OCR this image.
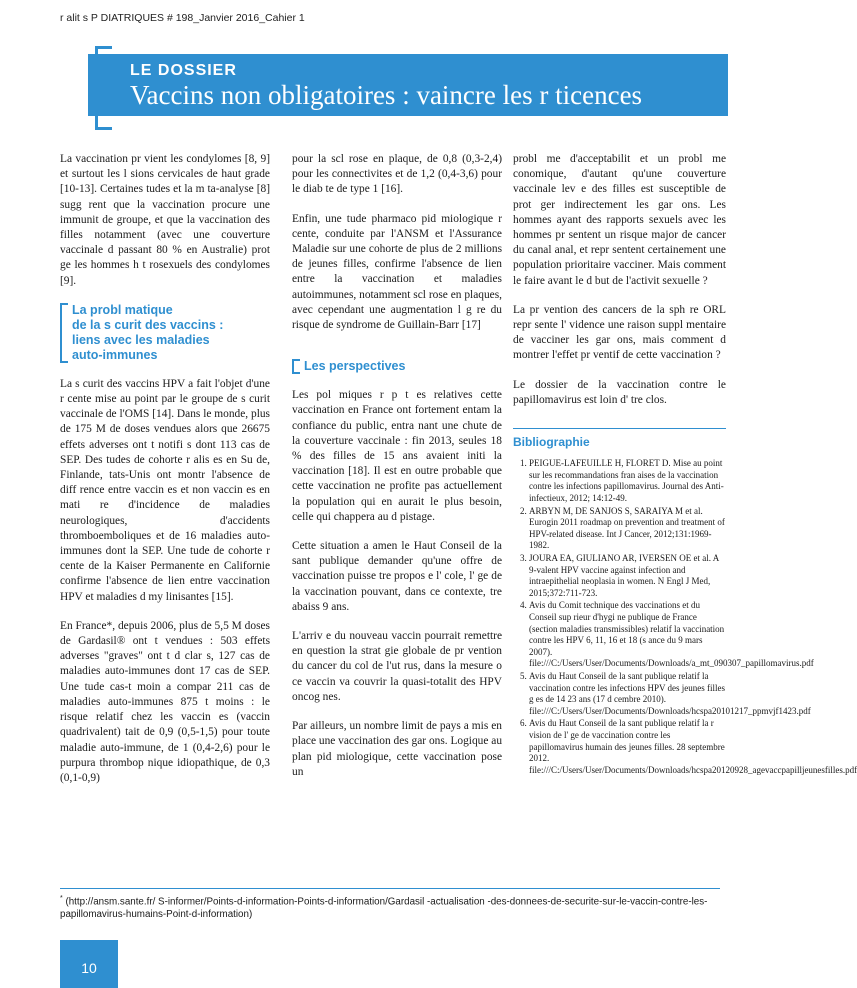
r alit s P DIATRIQUES # 198_Janvier 2016_Cahier 1
LE DOSSIER
Vaccins non obligatoires : vaincre les r ticences

La vaccination pr vient les condylomes [8, 9] et surtout les l sions cervicales de haut grade [10-13]. Certaines tudes et la m ta-analyse [8] sugg rent que la vaccination procure une immunit de groupe, et que la vaccination des filles notamment (avec une couverture vaccinale d passant 80 % en Australie) prot ge les hommes h t rosexuels des condylomes [9].

La probl matique
de la s curit des vaccins :
liens avec les maladies
auto-immunes

La s curit des vaccins HPV a fait l'objet d'une r cente mise au point par le groupe de s curit vaccinale de l'OMS [14]. Dans le monde, plus de 175 M de doses vendues alors que 26675 effets adverses ont t notifi s dont 113 cas de SEP. Des tudes de cohorte r alis es en Su de, Finlande, tats-Unis ont montr l'absence de diff rence entre vaccin es et non vaccin es en mati re d'incidence de maladies neurologiques, d'accidents thromboemboliques et de 16 maladies auto-immunes dont la SEP. Une tude de cohorte r cente de la Kaiser Permanente en Californie confirme l'absence de lien entre vaccination HPV et maladies d my linisantes [15].

En France*, depuis 2006, plus de 5,5 M doses de Gardasil® ont t vendues : 503 effets adverses "graves" ont t d clar s, 127 cas de maladies auto-immunes dont 17 cas de SEP. Une tude cas-t moin a compar 211 cas de maladies auto-immunes 875 t moins : le risque relatif chez les vaccin es (vaccin quadrivalent) tait de 0,9 (0,5-1,5) pour toute maladie auto-immune, de 1 (0,4-2,6) pour le purpura thrombop nique idiopathique, de 0,3 (0,1-0,9)

pour la scl rose en plaque, de 0,8 (0,3-2,4) pour les connectivites et de 1,2 (0,4-3,6) pour le diab te de type 1 [16].

Enfin, une tude pharmaco pid miologique r cente, conduite par l'ANSM et l'Assurance Maladie sur une cohorte de plus de 2 millions de jeunes filles, confirme l'absence de lien entre la vaccination et maladies autoimmunes, notamment scl rose en plaques, avec cependant une augmentation l g re du risque de syndrome de Guillain-Barr [17]

Les perspectives

Les pol miques r p t es relatives cette vaccination en France ont fortement entam la confiance du public, entra nant une chute de la couverture vaccinale : fin 2013, seules 18 % des filles de 15 ans avaient initi la vaccination [18]. Il est en outre probable que cette vaccination ne profite pas actuellement la population qui en aurait le plus besoin, celle qui chappera au d pistage.

Cette situation a amen le Haut Conseil de la sant publique demander qu'une offre de vaccination puisse tre propos e l' cole, l' ge de la vaccination pouvant, dans ce contexte, tre abaiss 9 ans.

L'arriv e du nouveau vaccin pourrait remettre en question la strat gie globale de pr vention du cancer du col de l'ut rus, dans la mesure o ce vaccin va couvrir la quasi-totalit des HPV oncog nes.

Par ailleurs, un nombre limit de pays a mis en place une vaccination des gar ons. Logique au plan pid miologique, cette vaccination pose un

probl me d'acceptabilit et un probl me conomique, d'autant qu'une couverture vaccinale lev e des filles est susceptible de prot ger indirectement les gar ons. Les hommes ayant des rapports sexuels avec les hommes pr sentent un risque major de cancer du canal anal, et repr sentent certainement une population prioritaire vacciner. Mais comment le faire avant le d but de l'activit sexuelle ?

La pr vention des cancers de la sph re ORL repr sente l' vidence une raison suppl mentaire de vacciner les gar ons, mais comment d montrer l'effet pr ventif de cette vaccination ?

Le dossier de la vaccination contre le papillomavirus est loin d' tre clos.

Bibliographie
1. PEIGUE-LAFEUILLE H, FLORET D. Mise au point sur les recommandations fran aises de la vaccination contre les infections papillomavirus. Journal des Anti-infectieux, 2012; 14:12-49.
2. ARBYN M, DE SANJOS S, SARAIYA M et al. Eurogin 2011 roadmap on prevention and treatment of HPV-related disease. Int J Cancer, 2012;131:1969-1982.
3. JOURA EA, GIULIANO AR, IVERSEN OE et al. A 9-valent HPV vaccine against infection and intraepithelial neoplasia in women. N Engl J Med, 2015;372:711-723.
4. Avis du Comit technique des vaccinations et du Conseil sup rieur d'hygi ne publique de France (section maladies transmissibles) relatif la vaccination contre les HPV 6, 11, 16 et 18 (s ance du 9 mars 2007). file:///C:/Users/User/Documents/Downloads/a_mt_090307_papillomavirus.pdf
5. Avis du Haut Conseil de la sant publique relatif la vaccination contre les infections HPV des jeunes filles g es de 14 23 ans (17 d cembre 2010). file:///C:/Users/User/Documents/Downloads/hcspa20101217_ppmvjf1423.pdf
6. Avis du Haut Conseil de la sant publique relatif la r vision de l' ge de vaccination contre les papillomavirus humain des jeunes filles. 28 septembre 2012. file:///C:/Users/User/Documents/Downloads/hcspa20120928_agevaccpapilljeunesfilles.pdf
* (http://ansm.sante.fr/ S-informer/Points-d-information-Points-d-information/Gardasil -actualisation -des-donnees-de-securite-sur-le-vaccin-contre-les-papillomavirus-humains-Point-d-information)
10
